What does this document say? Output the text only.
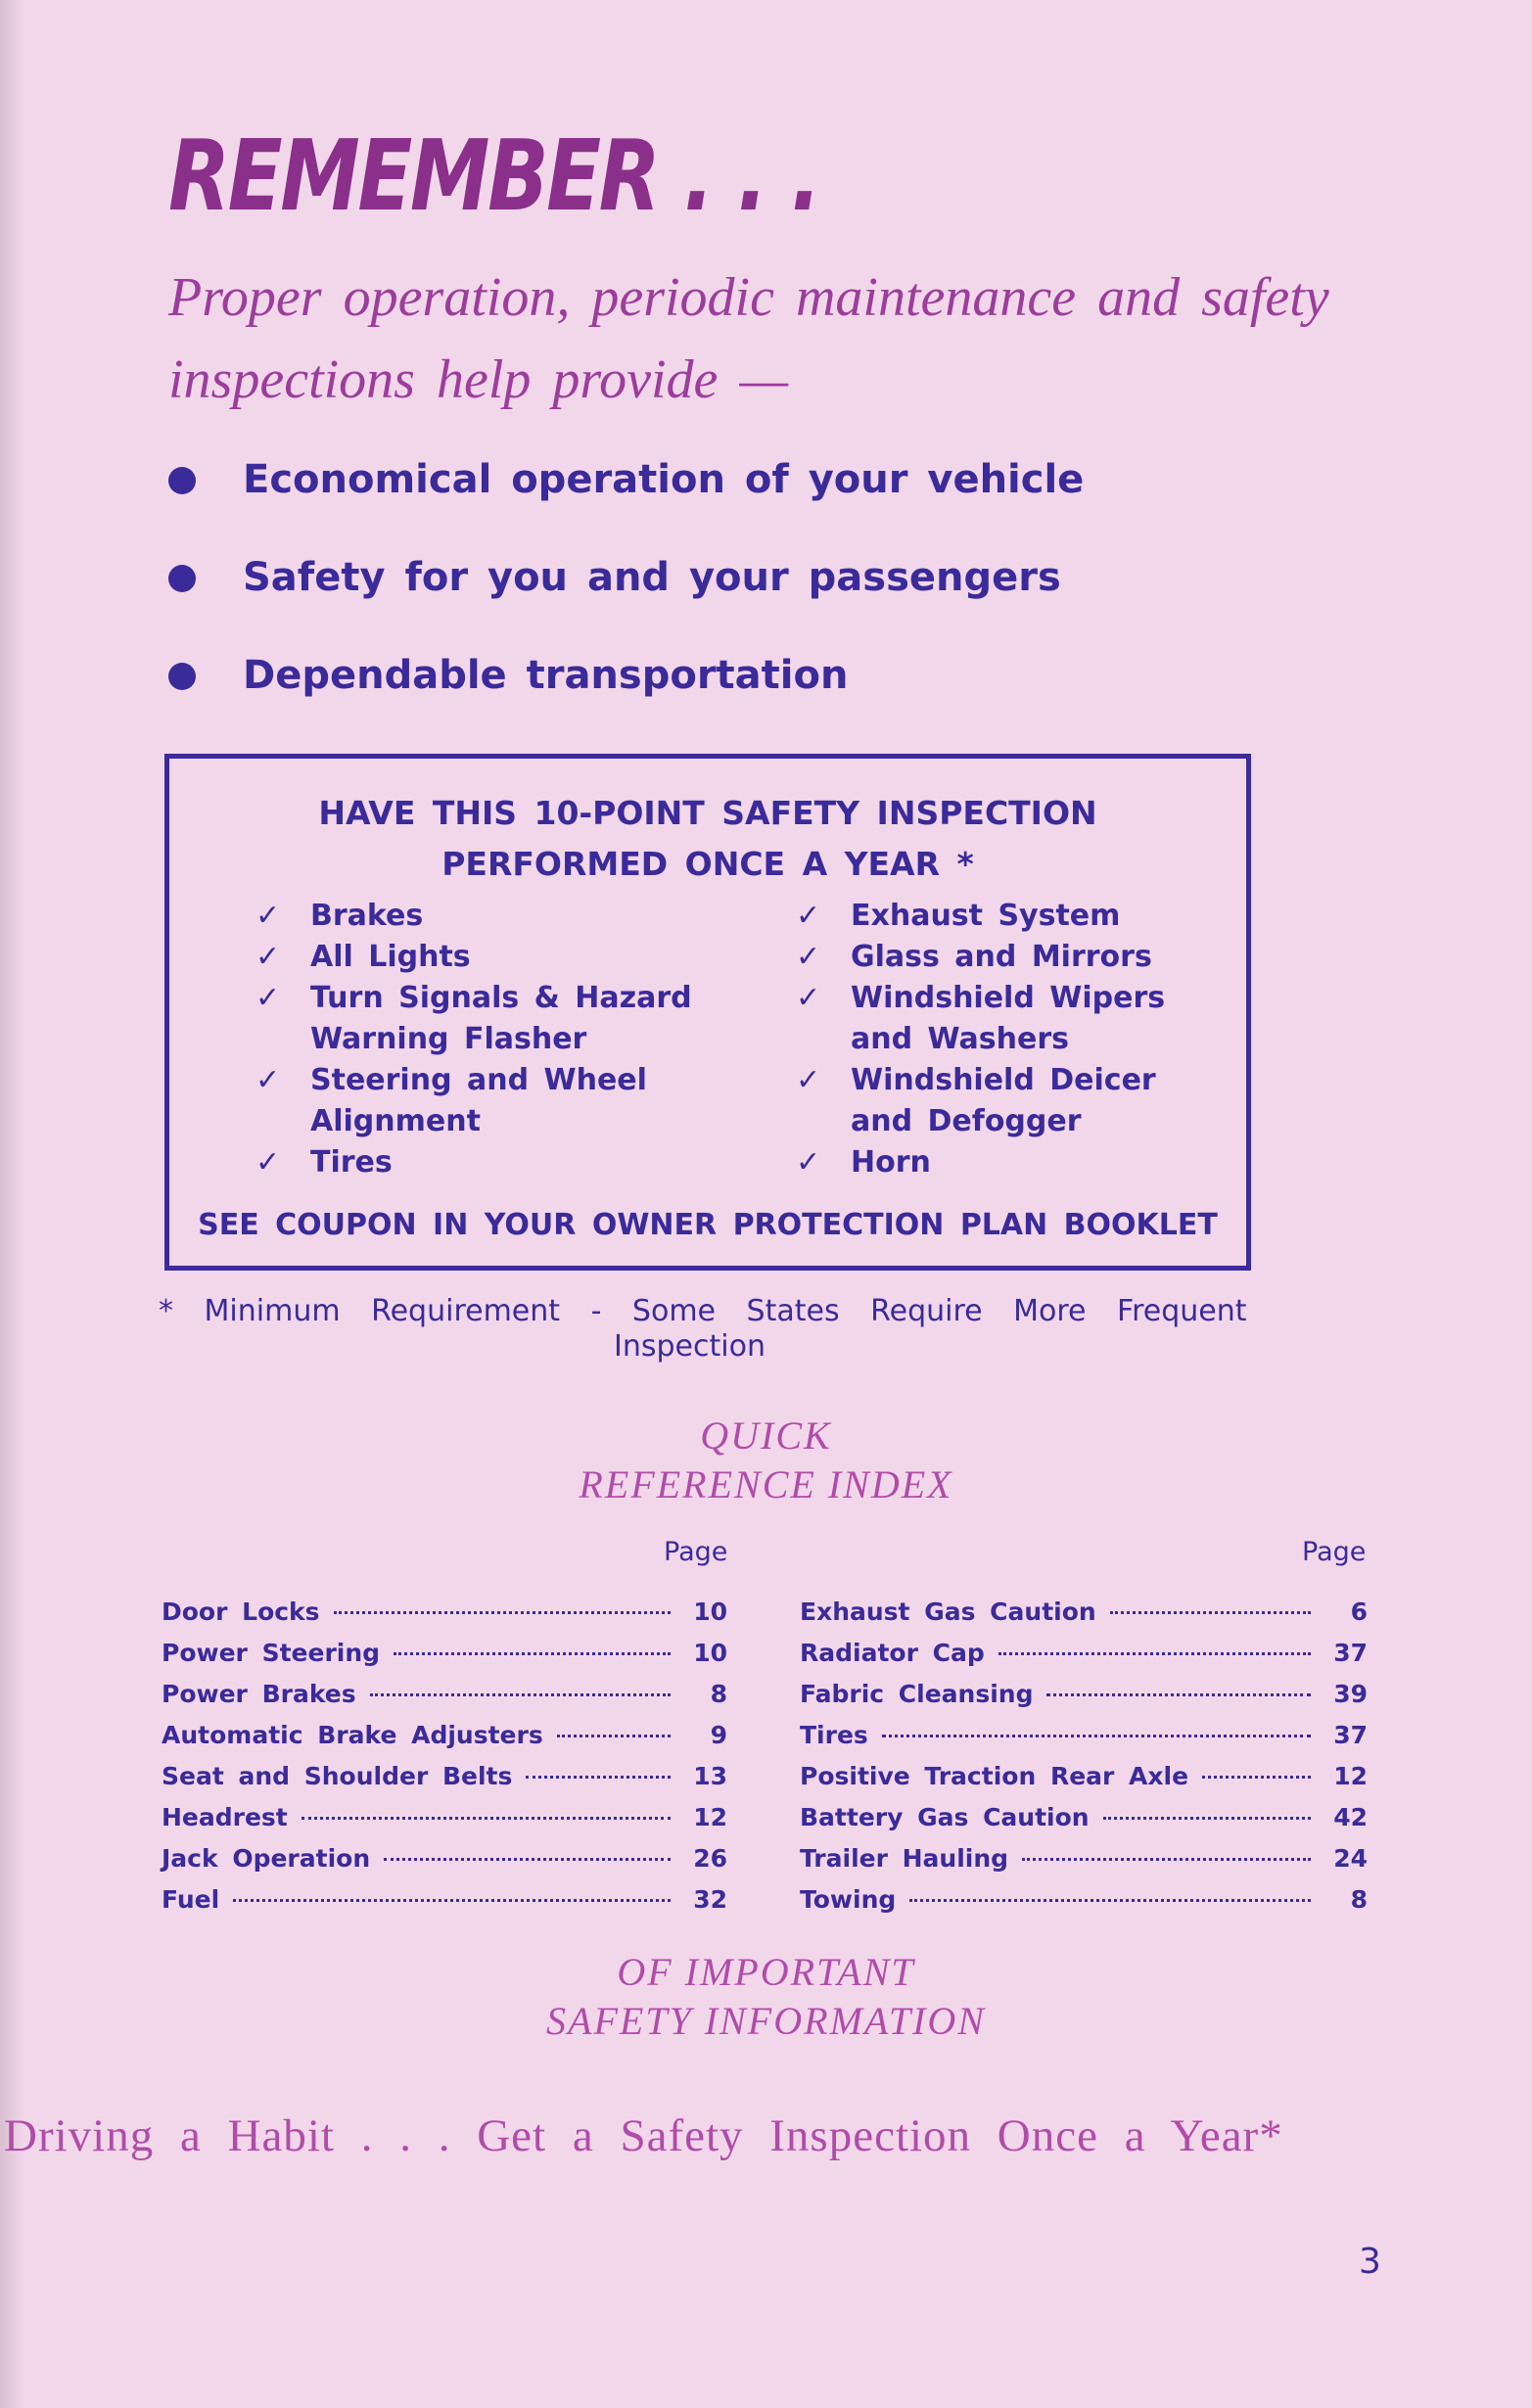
REMEMBER . . .

Proper operation, periodic maintenance and safety inspections help provide —

Economical operation of your vehicle
Safety for you and your passengers
Dependable transportation
HAVE THIS 10-POINT SAFETY INSPECTION
PERFORMED ONCE A YEAR *
✓ Brakes
✓ All Lights
✓ Turn Signals & Hazard Warning Flasher
✓ Steering and Wheel Alignment
✓ Tires
✓ Exhaust System
✓ Glass and Mirrors
✓ Windshield Wipers and Washers
✓ Windshield Deicer and Defogger
✓ Horn
SEE COUPON IN YOUR OWNER PROTECTION PLAN BOOKLET

* Minimum Requirement - Some States Require More Frequent
Inspection

QUICK
REFERENCE INDEX
Page	Page
Door Locks	10
Power Steering	10
Power Brakes	8
Automatic Brake Adjusters	9
Seat and Shoulder Belts	13
Headrest	12
Jack Operation	26
Fuel	32
Exhaust Gas Caution	6
Radiator Cap	37
Fabric Cleansing	39
Tires	37
Positive Traction Rear Axle	12
Battery Gas Caution	42
Trailer Hauling	24
Towing	8
OF IMPORTANT
SAFETY INFORMATION

Driving a Habit . . . Get a Safety Inspection Once a Year*

3
